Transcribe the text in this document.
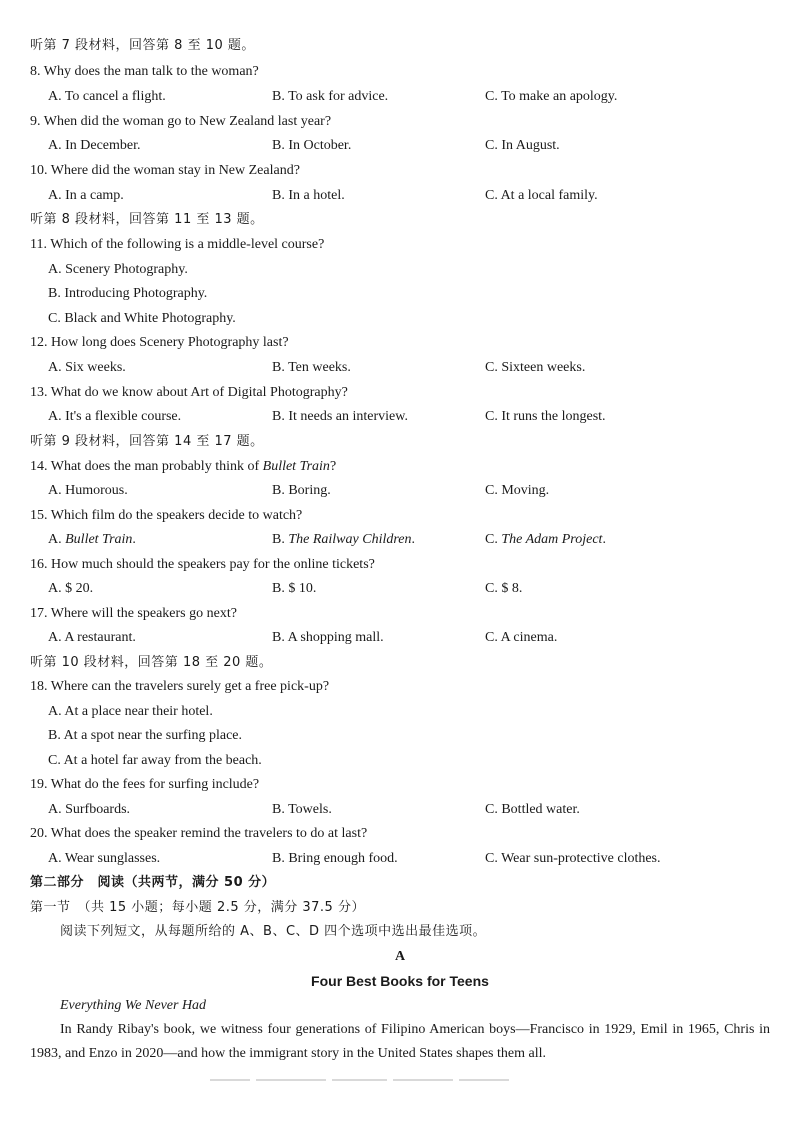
听第 7 段材料，回答第 8 至 10 题。
8. Why does the man talk to the woman?
A. To cancel a flight.	B. To ask for advice.	C. To make an apology.
9. When did the woman go to New Zealand last year?
A. In December.	B. In October.	C. In August.
10. Where did the woman stay in New Zealand?
A. In a camp.	B. In a hotel.	C. At a local family.
听第 8 段材料，回答第 11 至 13 题。
11. Which of the following is a middle-level course?
A. Scenery Photography.
B. Introducing Photography.
C. Black and White Photography.
12. How long does Scenery Photography last?
A. Six weeks.	B. Ten weeks.	C. Sixteen weeks.
13. What do we know about Art of Digital Photography?
A. It's a flexible course.	B. It needs an interview.	C. It runs the longest.
听第 9 段材料，回答第 14 至 17 题。
14. What does the man probably think of Bullet Train?
A. Humorous.	B. Boring.	C. Moving.
15. Which film do the speakers decide to watch?
A. Bullet Train.	B. The Railway Children.	C. The Adam Project.
16. How much should the speakers pay for the online tickets?
A. $ 20.	B. $ 10.	C. $ 8.
17. Where will the speakers go next?
A. A restaurant.	B. A shopping mall.	C. A cinema.
听第 10 段材料，回答第 18 至 20 题。
18. Where can the travelers surely get a free pick-up?
A. At a place near their hotel.
B. At a spot near the surfing place.
C. At a hotel far away from the beach.
19. What do the fees for surfing include?
A. Surfboards.	B. Towels.	C. Bottled water.
20. What does the speaker remind the travelers to do at last?
A. Wear sunglasses.	B. Bring enough food.	C. Wear sun-protective clothes.
第二部分　阅读（共两节，满分 50 分）
第一节　（共 15 小题；每小题 2.5 分，满分 37.5 分）
阅读下列短文，从每题所给的 A、B、C、D 四个选项中选出最佳选项。
A
Four Best Books for Teens
Everything We Never Had
In Randy Ribay's book, we witness four generations of Filipino American boys—Francisco in 1929, Emil in 1965, Chris in 1983, and Enzo in 2020—and how the immigrant story in the United States shapes them all.
